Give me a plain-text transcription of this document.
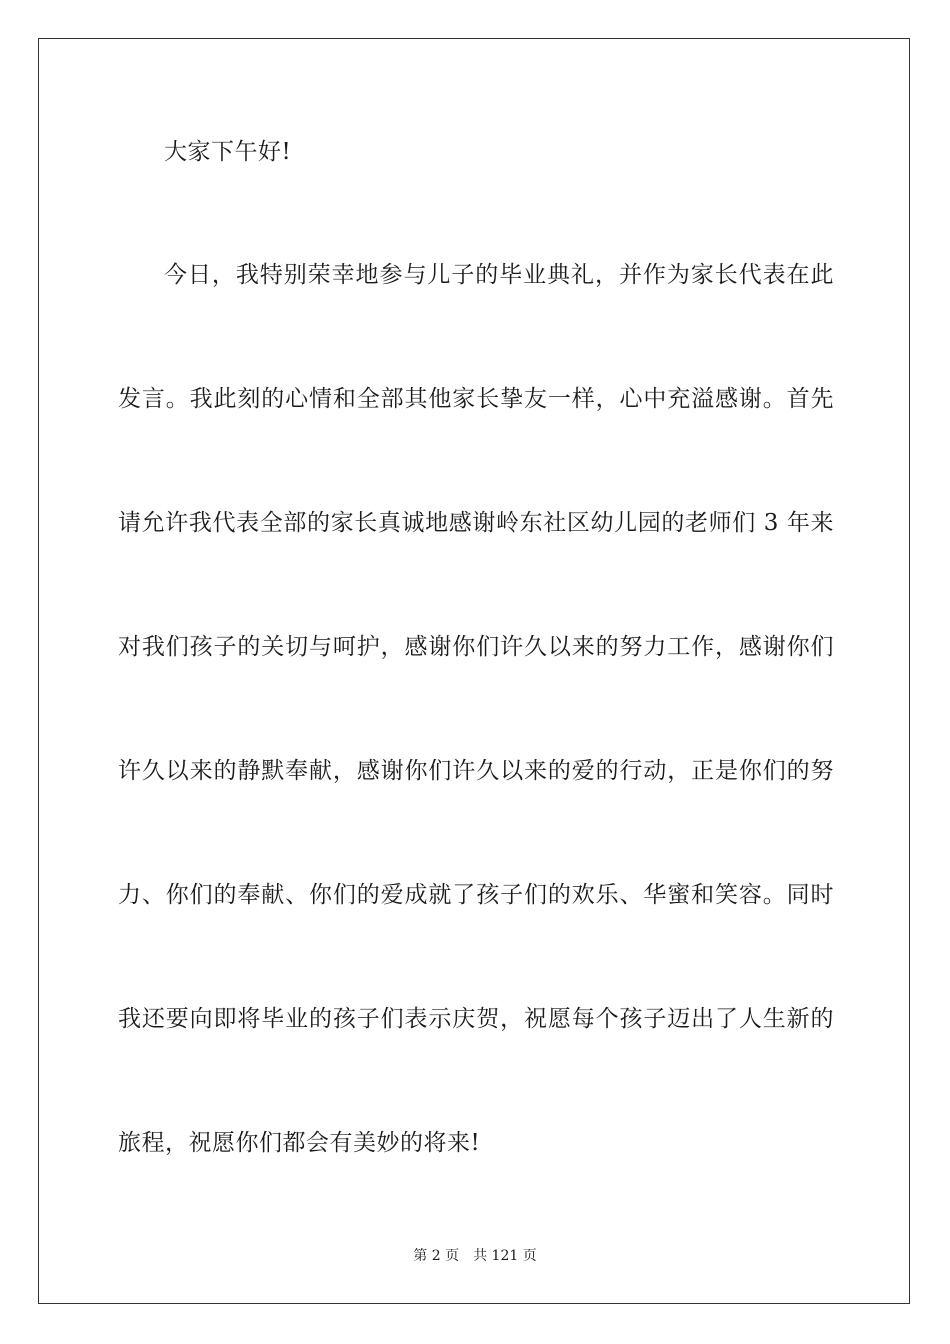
大家下午好!
今日，我特别荣幸地参与儿子的毕业典礼，并作为家长代表在此
发言。我此刻的心情和全部其他家长挚友一样，心中充溢感谢。首先
请允许我代表全部的家长真诚地感谢岭东社区幼儿园的老师们 3 年来
对我们孩子的关切与呵护，感谢你们许久以来的努力工作，感谢你们
许久以来的静默奉献，感谢你们许久以来的爱的行动，正是你们的努
力、你们的奉献、你们的爱成就了孩子们的欢乐、华蜜和笑容。同时
我还要向即将毕业的孩子们表示庆贺，祝愿每个孩子迈出了人生新的
旅程，祝愿你们都会有美妙的将来!
第 2 页 共 121 页
